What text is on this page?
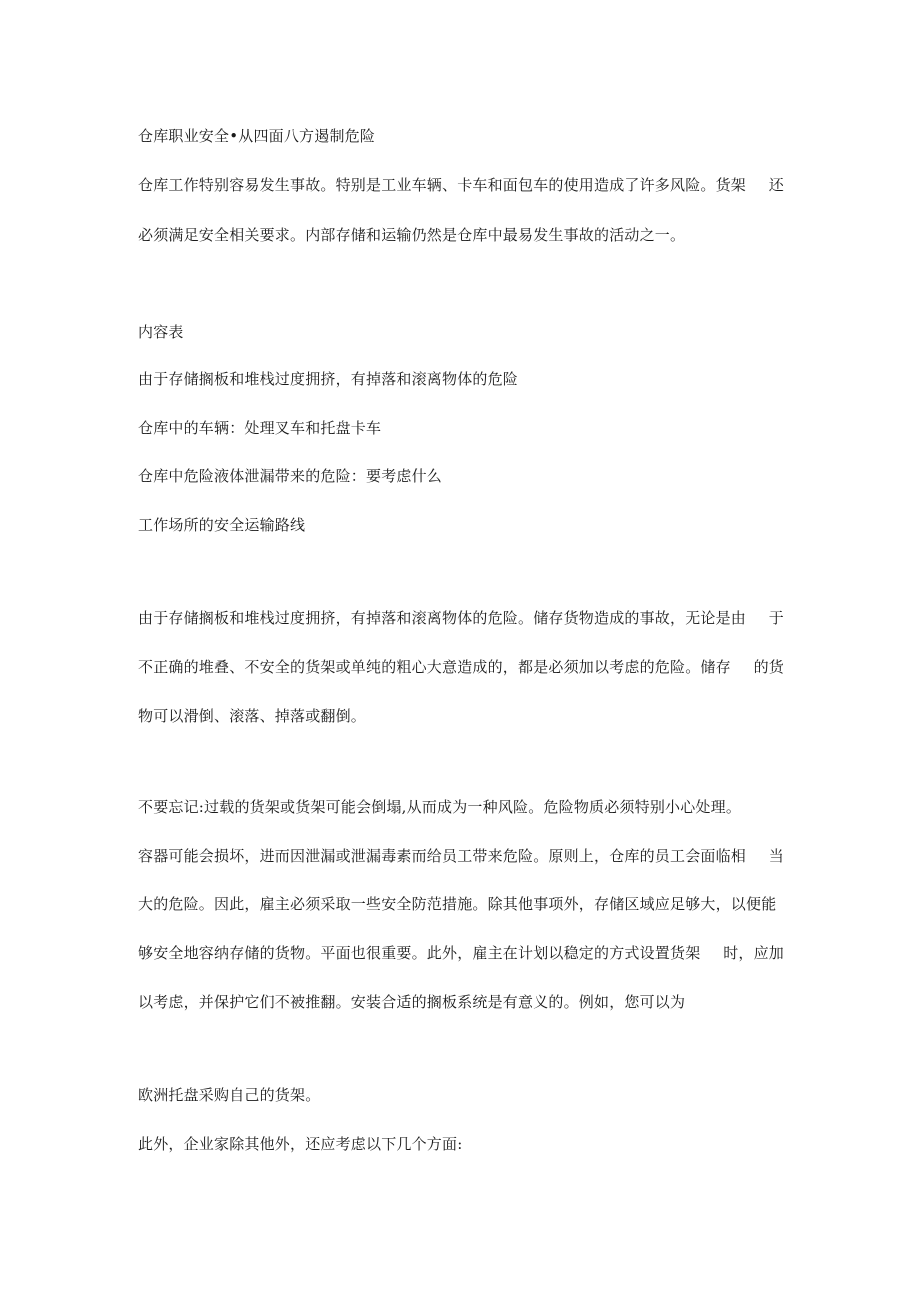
仓库职业安全•从四面八方遏制危险
仓库工作特别容易发生事故。特别是工业车辆、卡车和面包车的使用造成了许多风险。货架 还
必须满足安全相关要求。内部存储和运输仍然是仓库中最易发生事故的活动之一。
内容表
由于存储搁板和堆栈过度拥挤，有掉落和滚离物体的危险
仓库中的车辆：处理叉车和托盘卡车
仓库中危险液体泄漏带来的危险：要考虑什么
工作场所的安全运输路线
由于存储搁板和堆栈过度拥挤，有掉落和滚离物体的危险。储存货物造成的事故，无论是由 于
不正确的堆叠、不安全的货架或单纯的粗心大意造成的，都是必须加以考虑的危险。储存 的货
物可以滑倒、滚落、掉落或翻倒。
不要忘记:过载的货架或货架可能会倒塌,从而成为一种风险。危险物质必须特别小心处理。
容器可能会损坏，进而因泄漏或泄漏毒素而给员工带来危险。原则上，仓库的员工会面临相 当
大的危险。因此，雇主必须采取一些安全防范措施。除其他事项外，存储区域应足够大，以便能
够安全地容纳存储的货物。平面也很重要。此外，雇主在计划以稳定的方式设置货架 时，应加
以考虑，并保护它们不被推翻。安装合适的搁板系统是有意义的。例如，您可以为
欧洲托盘采购自己的货架。
此外，企业家除其他外，还应考虑以下几个方面:
